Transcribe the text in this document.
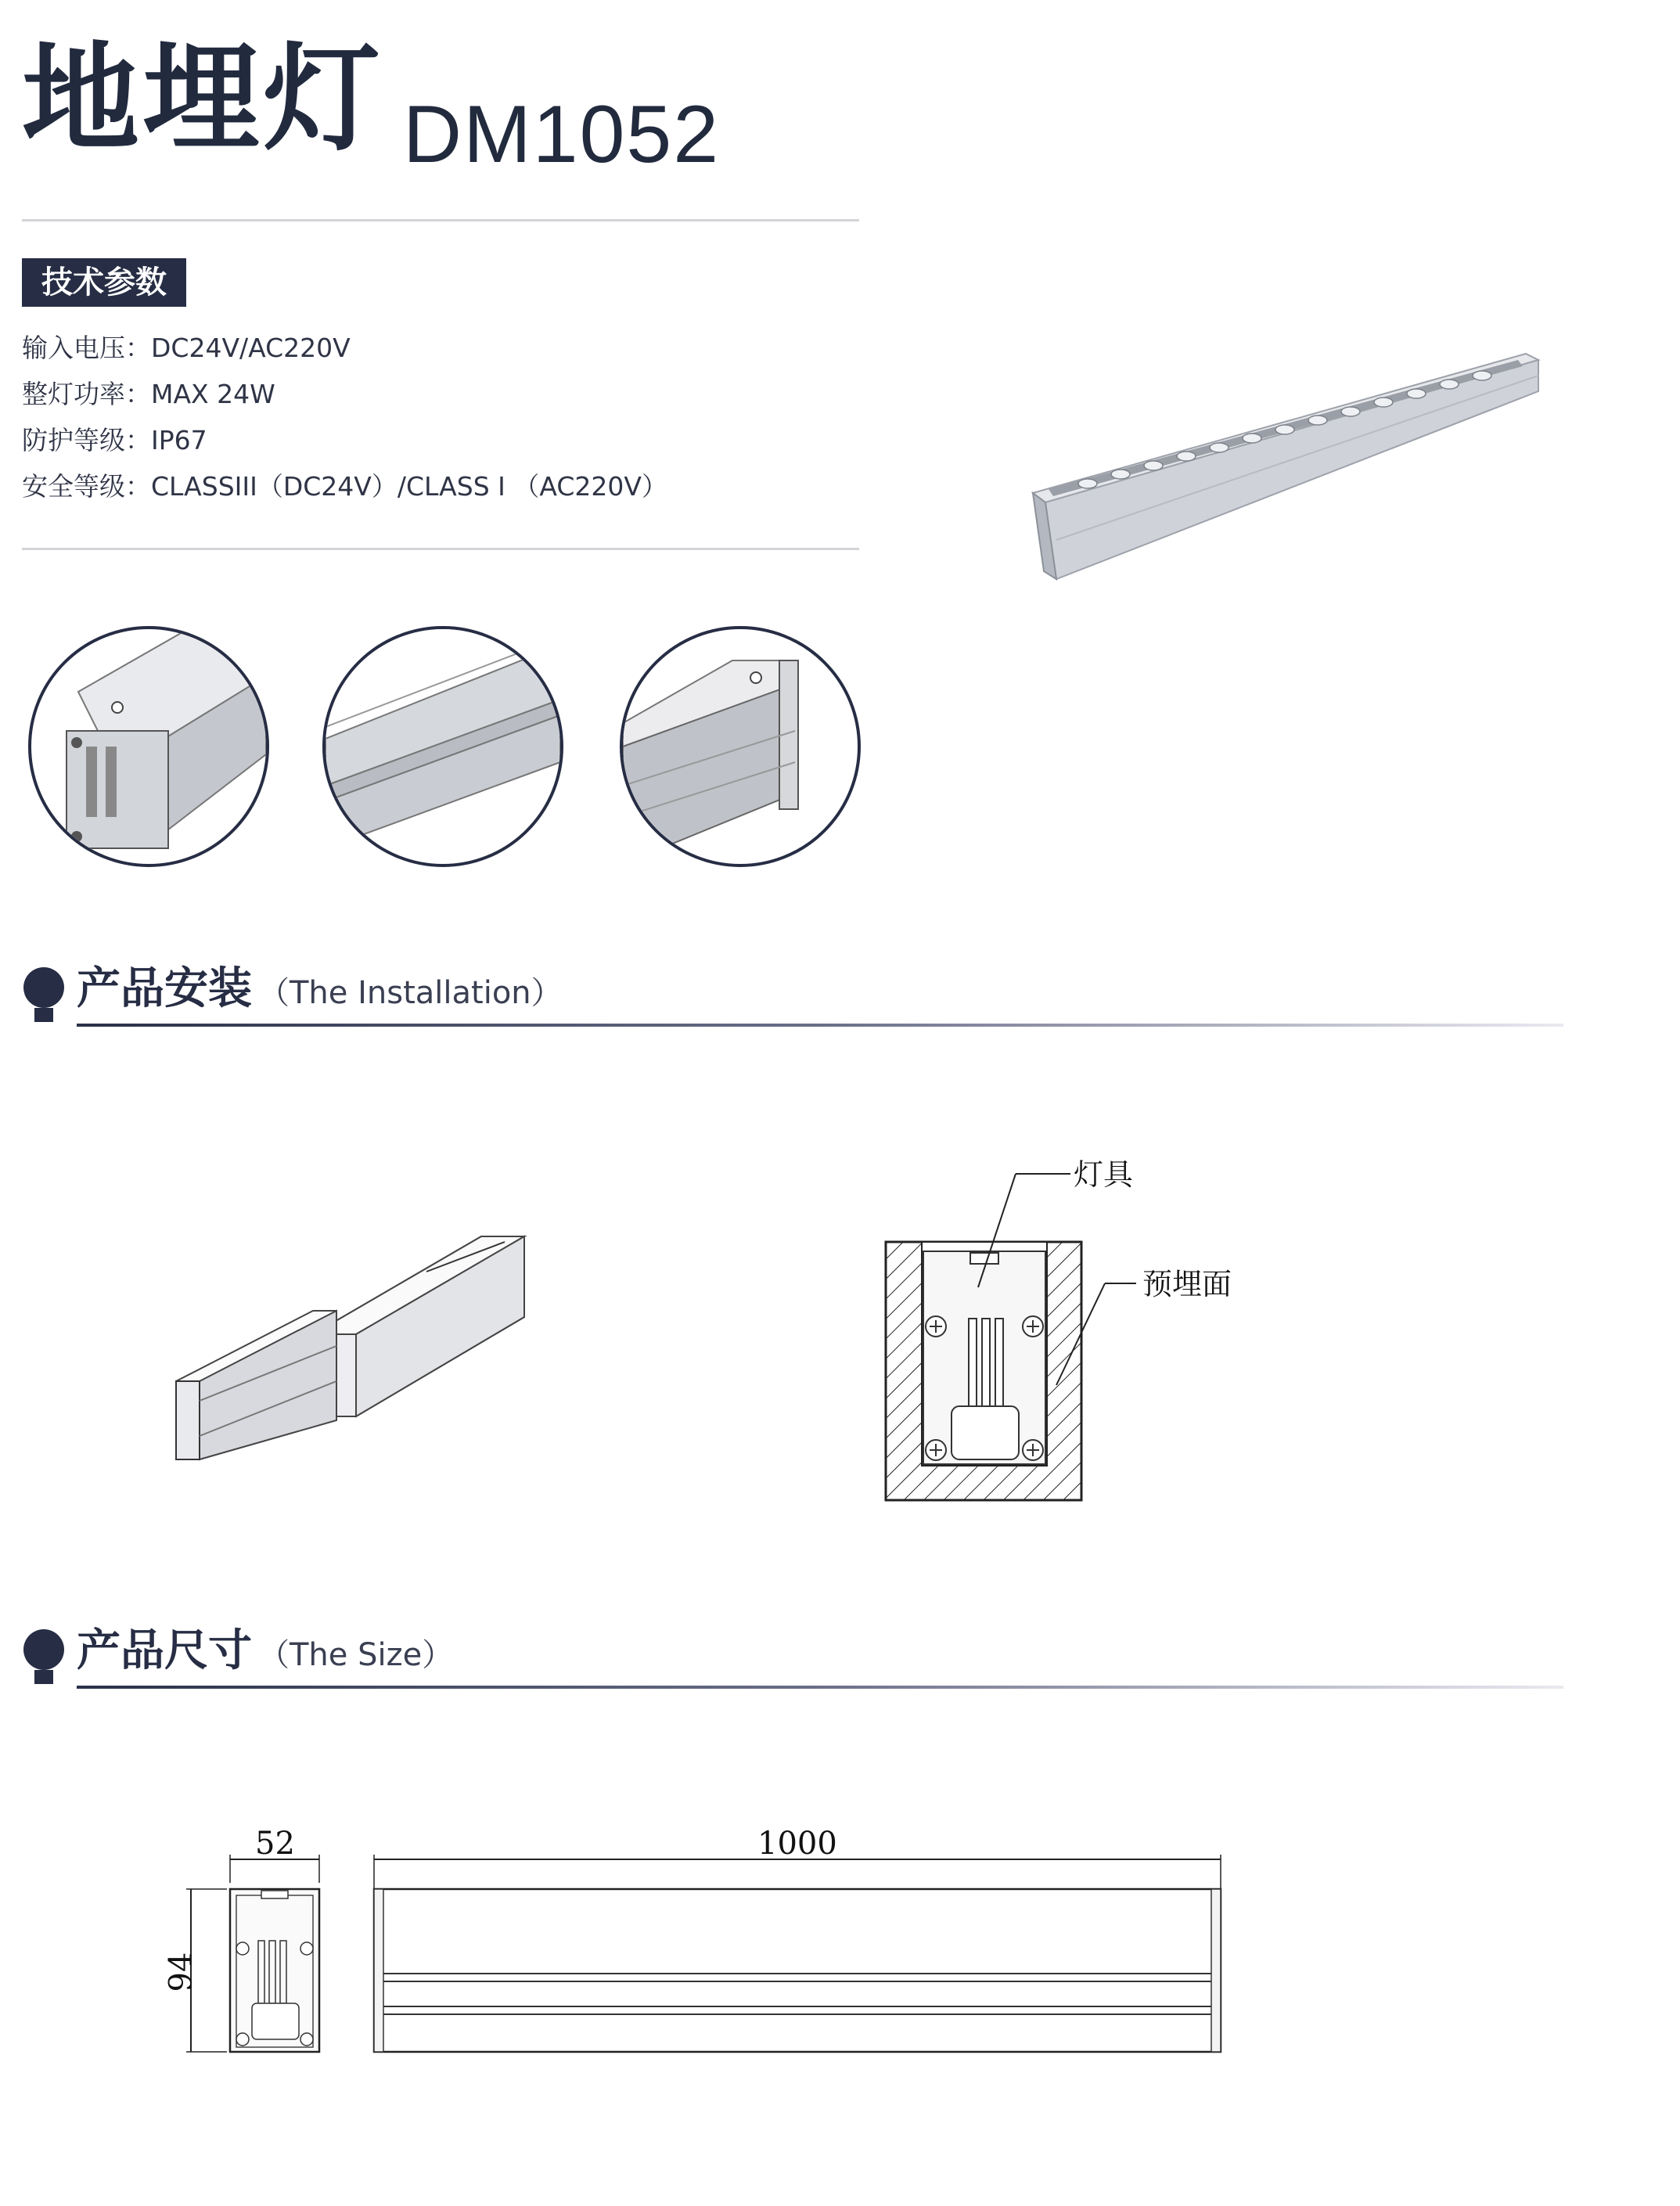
地埋灯 DM1052
技术参数
输入电压：DC24V/AC220V
整灯功率：MAX 24W
防护等级：IP67
安全等级：CLASSIII（DC24V）/CLASS I （AC220V）
产品安装 （The Installation）
灯具
预埋面
产品尺寸 （The Size）
52
94
1000
